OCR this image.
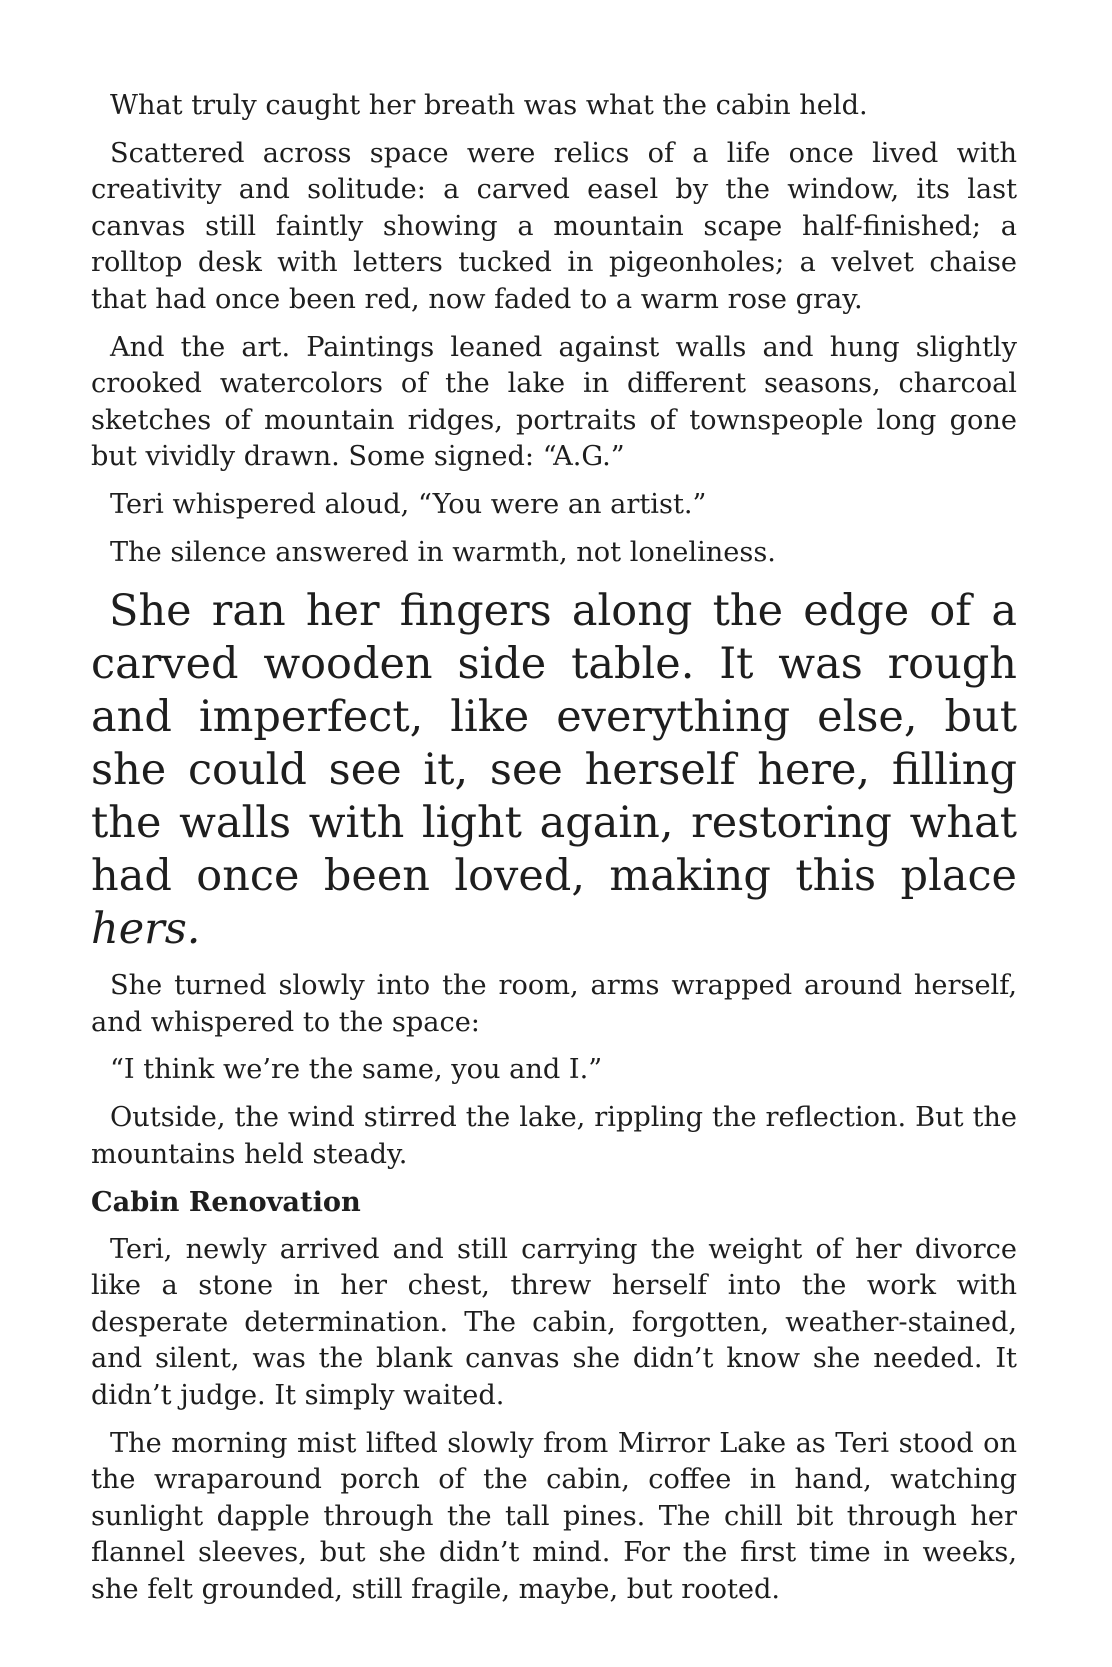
What truly caught her breath was what the cabin held.

Scattered across space were relics of a life once lived with creativity and solitude: a carved easel by the window, its last canvas still faintly showing a mountain scape half-finished; a rolltop desk with letters tucked in pigeonholes; a velvet chaise that had once been red, now faded to a warm rose gray.

And the art. Paintings leaned against walls and hung slightly crooked watercolors of the lake in different seasons, charcoal sketches of mountain ridges, portraits of townspeople long gone but vividly drawn. Some signed: “A.G.”

Teri whispered aloud, “You were an artist.”

The silence answered in warmth, not loneliness.

She ran her fingers along the edge of a carved wooden side table. It was rough and imperfect, like everything else, but she could see it, see herself here, filling the walls with light again, restoring what had once been loved, making this place hers.

She turned slowly into the room, arms wrapped around herself, and whispered to the space:

“I think we’re the same, you and I.”

Outside, the wind stirred the lake, rippling the reflection. But the mountains held steady.

Cabin Renovation

Teri, newly arrived and still carrying the weight of her divorce like a stone in her chest, threw herself into the work with desperate determination. The cabin, forgotten, weather-stained, and silent, was the blank canvas she didn’t know she needed. It didn’t judge. It simply waited.

The morning mist lifted slowly from Mirror Lake as Teri stood on the wraparound porch of the cabin, coffee in hand, watching sunlight dapple through the tall pines. The chill bit through her flannel sleeves, but she didn’t mind. For the first time in weeks, she felt grounded, still fragile, maybe, but rooted.
